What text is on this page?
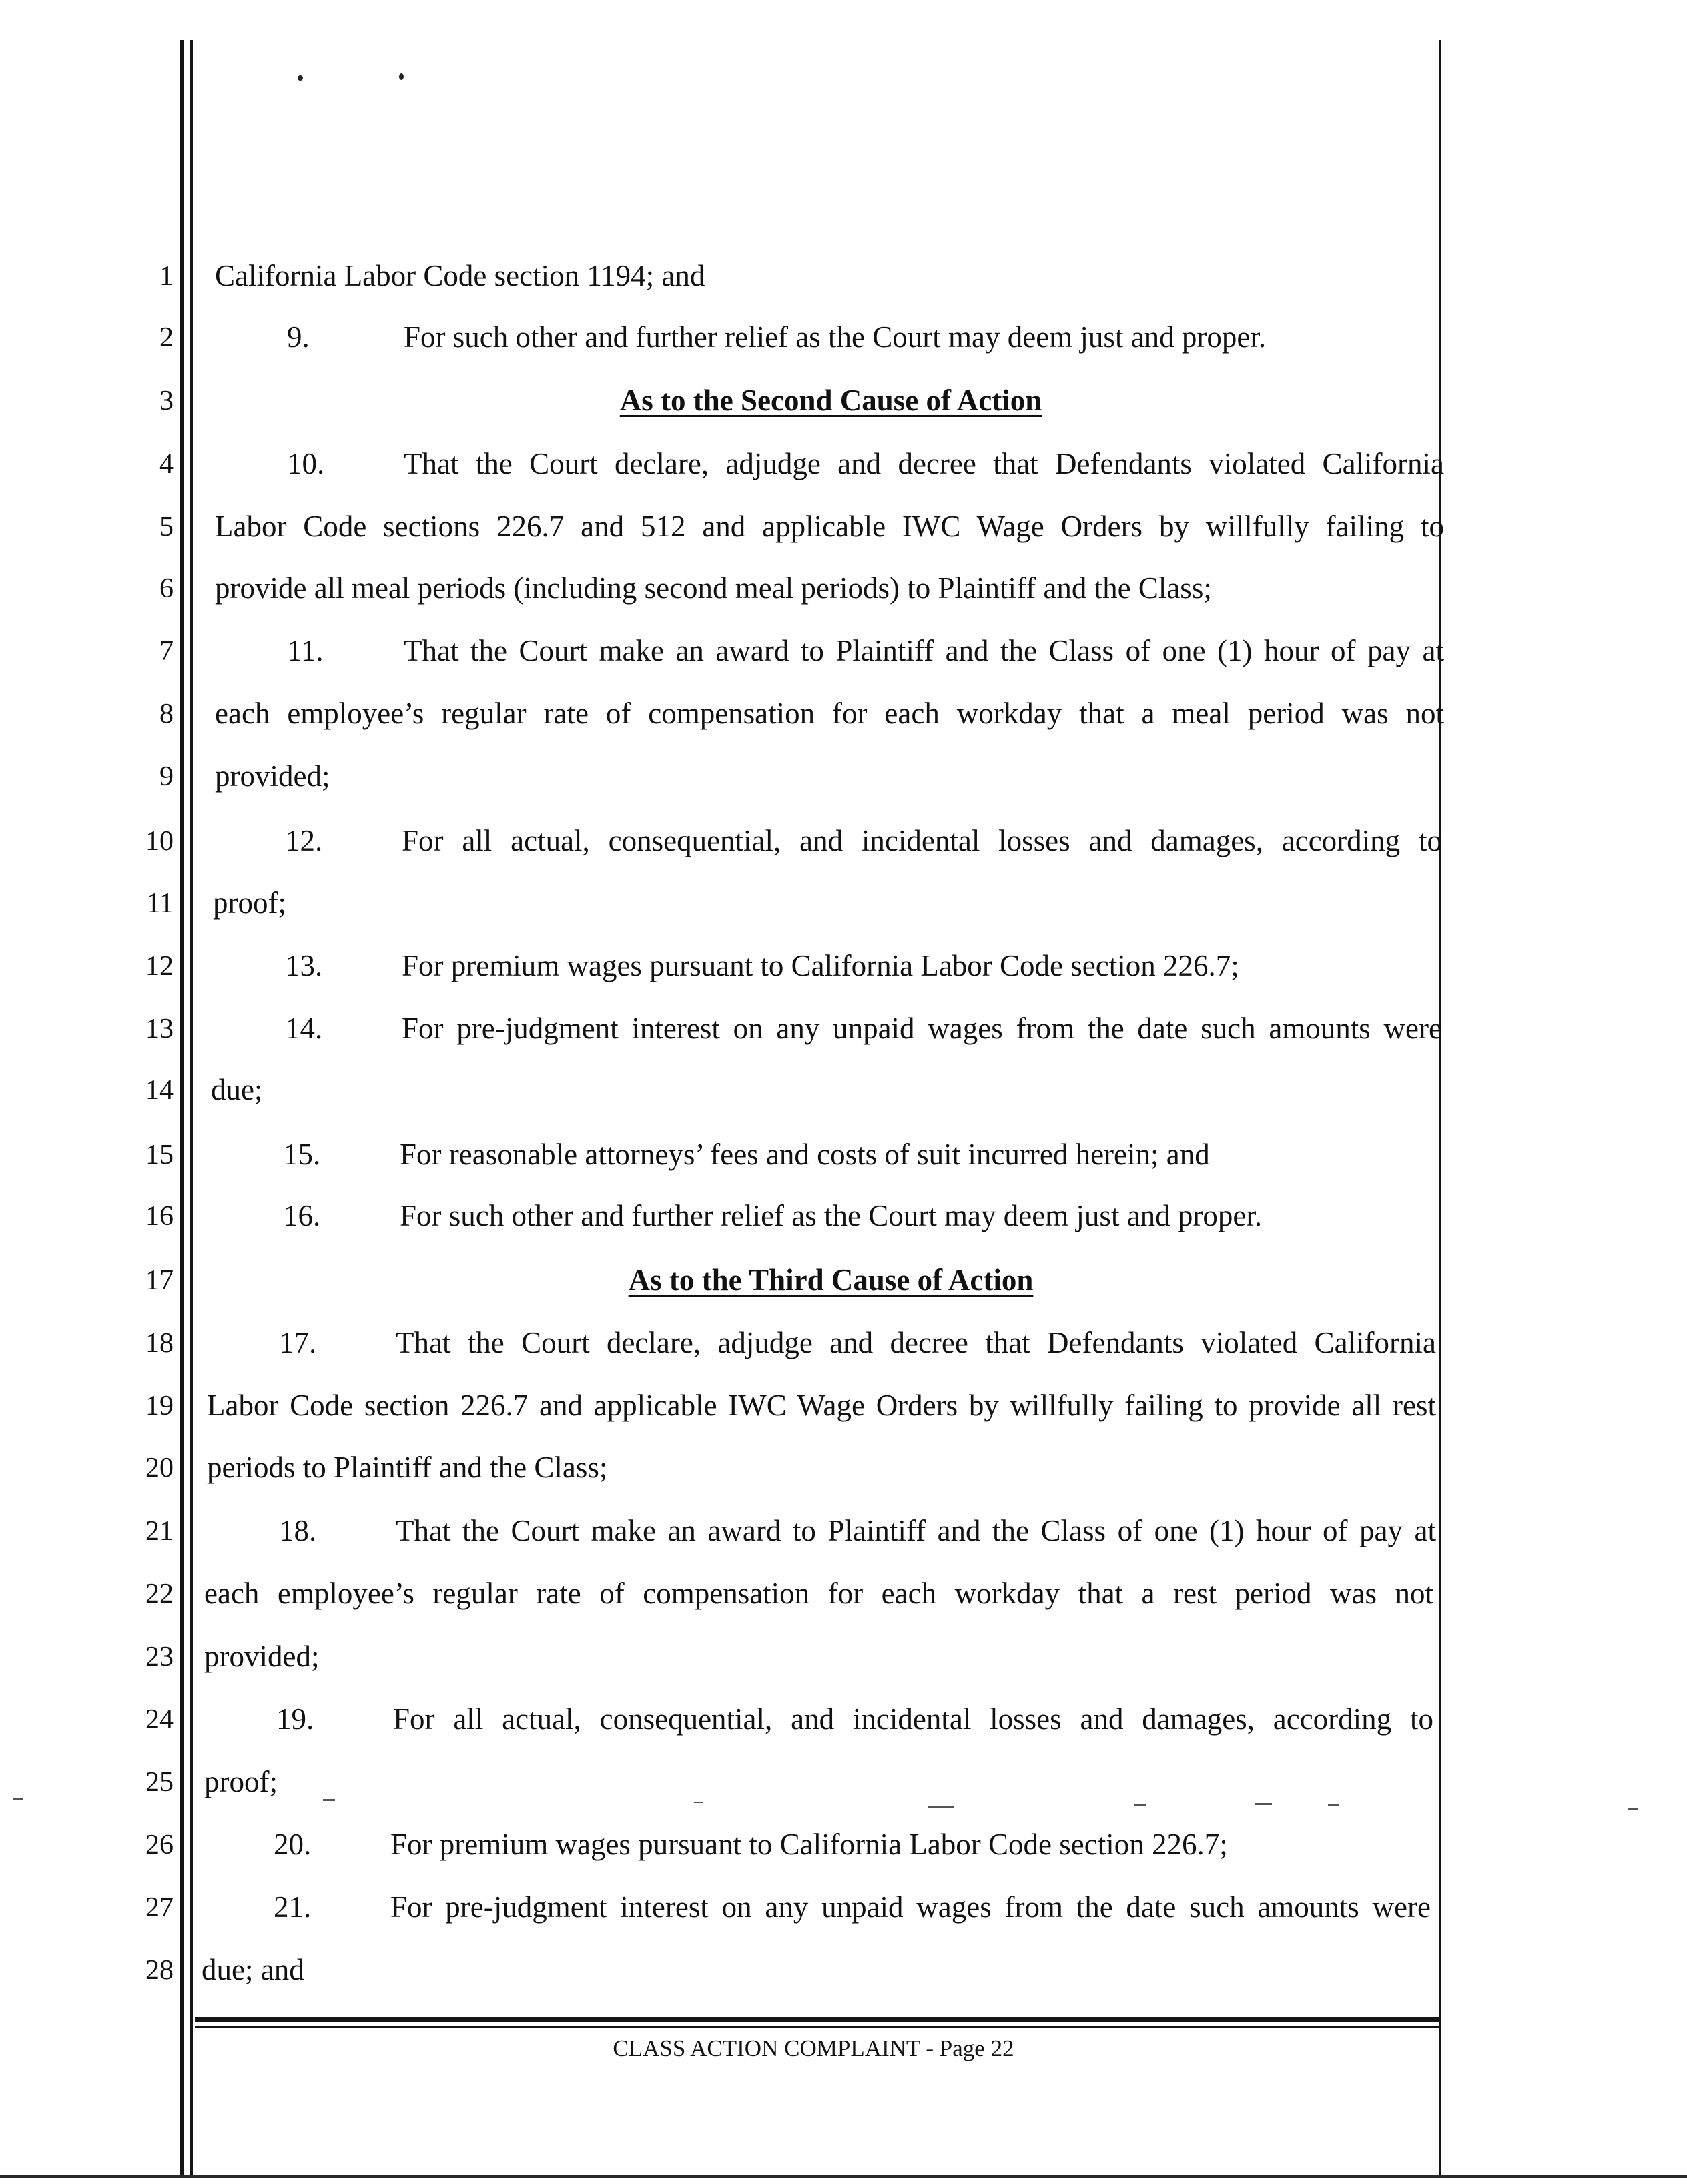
1
2
3
4
5
6
7
8
9
10
11
12
13
14
15
16
17
18
19
20
21
22
23
24
25
26
27
28
California Labor Code section 1194; and
9.	For such other and further relief as the Court may deem just and proper.
As to the Second Cause of Action
10.	That the Court declare, adjudge and decree that Defendants violated California
Labor Code sections 226.7 and 512 and applicable IWC Wage Orders by willfully failing to
provide all meal periods (including second meal periods) to Plaintiff and the Class;
11.	That the Court make an award to Plaintiff and the Class of one (1) hour of pay at
each employee’s regular rate of compensation for each workday that a meal period was not
provided;
12.	For all actual, consequential, and incidental losses and damages, according to
proof;
13.	For premium wages pursuant to California Labor Code section 226.7;
14.	For pre-judgment interest on any unpaid wages from the date such amounts were
due;
15.	For reasonable attorneys’ fees and costs of suit incurred herein; and
16.	For such other and further relief as the Court may deem just and proper.
As to the Third Cause of Action
17.	That the Court declare, adjudge and decree that Defendants violated California
Labor Code section 226.7 and applicable IWC Wage Orders by willfully failing to provide all rest
periods to Plaintiff and the Class;
18.	That the Court make an award to Plaintiff and the Class of one (1) hour of pay at
each employee’s regular rate of compensation for each workday that a rest period was not
provided;
19.	For all actual, consequential, and incidental losses and damages, according to
proof;
20.	For premium wages pursuant to California Labor Code section 226.7;
21.	For pre-judgment interest on any unpaid wages from the date such amounts were
due; and
CLASS ACTION COMPLAINT - Page 22
